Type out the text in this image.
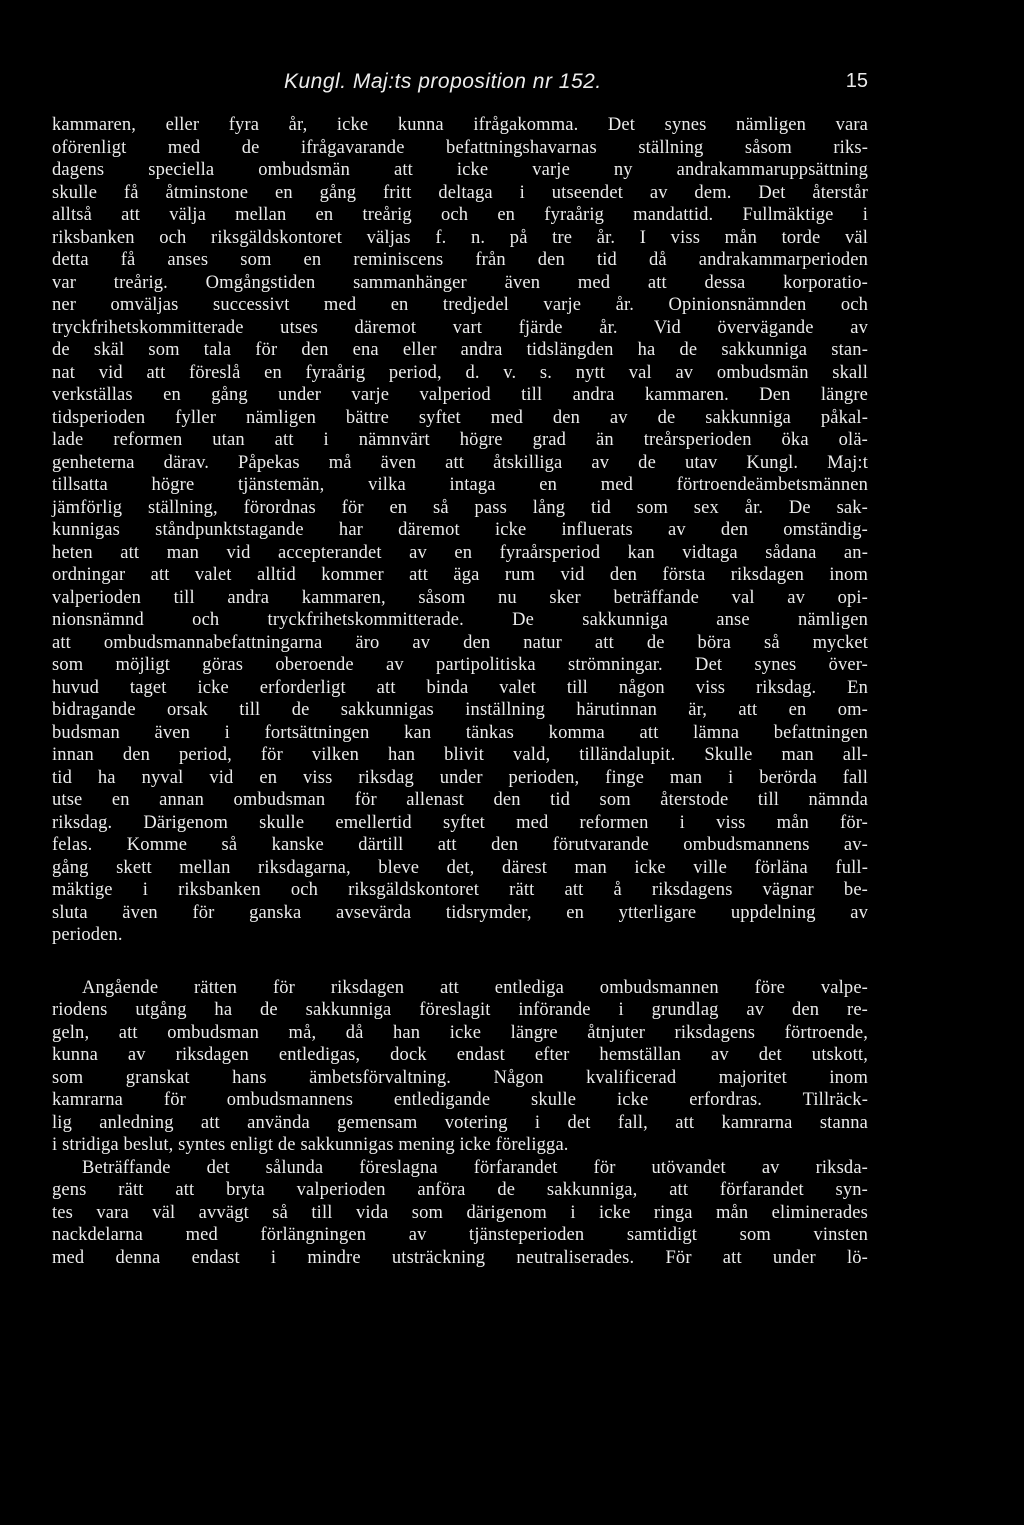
Kungl. Maj:ts proposition nr 152.	15
kammaren, eller fyra år, icke kunna ifrågakomma. Det synes nämligen vara
oförenligt med de ifrågavarande befattningshavarnas ställning såsom riks-
dagens speciella ombudsmän att icke varje ny andrakammaruppsättning
skulle få åtminstone en gång fritt deltaga i utseendet av dem. Det återstår
alltså att välja mellan en treårig och en fyraårig mandattid. Fullmäktige i
riksbanken och riksgäldskontoret väljas f. n. på tre år. I viss mån torde väl
detta få anses som en reminiscens från den tid då andrakammarperioden
var treårig. Omgångstiden sammanhänger även med att dessa korporatio-
ner omväljas successivt med en tredjedel varje år. Opinionsnämnden och
tryckfrihetskommitterade utses däremot vart fjärde år. Vid övervägande av
de skäl som tala för den ena eller andra tidslängden ha de sakkunniga stan-
nat vid att föreslå en fyraårig period, d. v. s. nytt val av ombudsmän skall
verkställas en gång under varje valperiod till andra kammaren. Den längre
tidsperioden fyller nämligen bättre syftet med den av de sakkunniga påkal-
lade reformen utan att i nämnvärt högre grad än treårsperioden öka olä-
genheterna därav. Påpekas må även att åtskilliga av de utav Kungl. Maj:t
tillsatta högre tjänstemän, vilka intaga en med förtroendeämbetsmännen
jämförlig ställning, förordnas för en så pass lång tid som sex år. De sak-
kunnigas ståndpunktstagande har däremot icke influerats av den omständig-
heten att man vid accepterandet av en fyraårsperiod kan vidtaga sådana an-
ordningar att valet alltid kommer att äga rum vid den första riksdagen inom
valperioden till andra kammaren, såsom nu sker beträffande val av opi-
nionsnämnd och tryckfrihetskommitterade. De sakkunniga anse nämligen
att ombudsmannabefattningarna äro av den natur att de böra så mycket
som möjligt göras oberoende av partipolitiska strömningar. Det synes över-
huvud taget icke erforderligt att binda valet till någon viss riksdag. En
bidragande orsak till de sakkunnigas inställning härutinnan är, att en om-
budsman även i fortsättningen kan tänkas komma att lämna befattningen
innan den period, för vilken han blivit vald, tilländalupit. Skulle man all-
tid ha nyval vid en viss riksdag under perioden, finge man i berörda fall
utse en annan ombudsman för allenast den tid som återstode till nämnda
riksdag. Därigenom skulle emellertid syftet med reformen i viss mån för-
felas. Komme så kanske därtill att den förutvarande ombudsmannens av-
gång skett mellan riksdagarna, bleve det, därest man icke ville förläna full-
mäktige i riksbanken och riksgäldskontoret rätt att å riksdagens vägnar be-
sluta även för ganska avsevärda tidsrymder, en ytterligare uppdelning av
perioden.
Angående rätten för riksdagen att entlediga ombudsmannen före valpe-
riodens utgång ha de sakkunniga föreslagit införande i grundlag av den re-
geln, att ombudsman må, då han icke längre åtnjuter riksdagens förtroende,
kunna av riksdagen entledigas, dock endast efter hemställan av det utskott,
som granskat hans ämbetsförvaltning. Någon kvalificerad majoritet inom
kamrarna för ombudsmannens entledigande skulle icke erfordras. Tillräck-
lig anledning att använda gemensam votering i det fall, att kamrarna stanna
i stridiga beslut, syntes enligt de sakkunnigas mening icke föreligga.
Beträffande det sålunda föreslagna förfarandet för utövandet av riksda-
gens rätt att bryta valperioden anföra de sakkunniga, att förfarandet syn-
tes vara väl avvägt så till vida som därigenom i icke ringa mån eliminerades
nackdelarna med förlängningen av tjänsteperioden samtidigt som vinsten
med denna endast i mindre utsträckning neutraliserades. För att under lö-
